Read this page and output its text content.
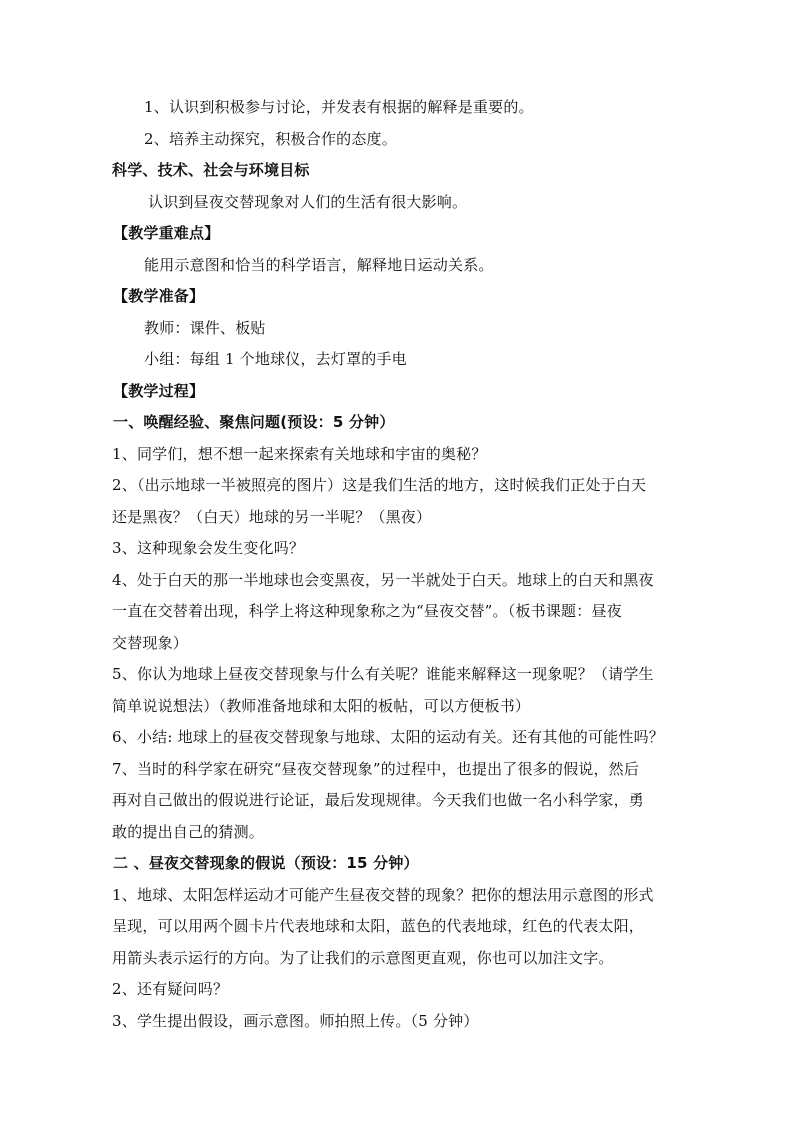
1、认识到积极参与讨论，并发表有根据的解释是重要的。
2、培养主动探究，积极合作的态度。
科学、技术、社会与环境目标
认识到昼夜交替现象对人们的生活有很大影响。
【教学重难点】
能用示意图和恰当的科学语言，解释地日运动关系。
【教学准备】
教师：课件、板贴
小组：每组 1 个地球仪，去灯罩的手电
【教学过程】
一、唤醒经验、聚焦问题(预设：5 分钟）
1、同学们，想不想一起来探索有关地球和宇宙的奥秘？
2、（出示地球一半被照亮的图片）这是我们生活的地方，这时候我们正处于白天
还是黑夜？（白天）地球的另一半呢？（黑夜）
3、这种现象会发生变化吗？
4、处于白天的那一半地球也会变黑夜，另一半就处于白天。地球上的白天和黑夜
一直在交替着出现，科学上将这种现象称之为“昼夜交替”。（板书课题：昼夜
交替现象）
5、你认为地球上昼夜交替现象与什么有关呢？谁能来解释这一现象呢？（请学生
简单说说想法）（教师准备地球和太阳的板帖，可以方便板书）
6、小结: 地球上的昼夜交替现象与地球、太阳的运动有关。还有其他的可能性吗？
7、当时的科学家在研究“昼夜交替现象”的过程中，也提出了很多的假说，然后
再对自己做出的假说进行论证，最后发现规律。今天我们也做一名小科学家，勇
敢的提出自己的猜测。
二 、昼夜交替现象的假说（预设：15 分钟）
1、地球、太阳怎样运动才可能产生昼夜交替的现象？把你的想法用示意图的形式
呈现，可以用两个圆卡片代表地球和太阳，蓝色的代表地球，红色的代表太阳，
用箭头表示运行的方向。为了让我们的示意图更直观，你也可以加注文字。
2、还有疑问吗？
3、学生提出假设，画示意图。师拍照上传。（5 分钟）
